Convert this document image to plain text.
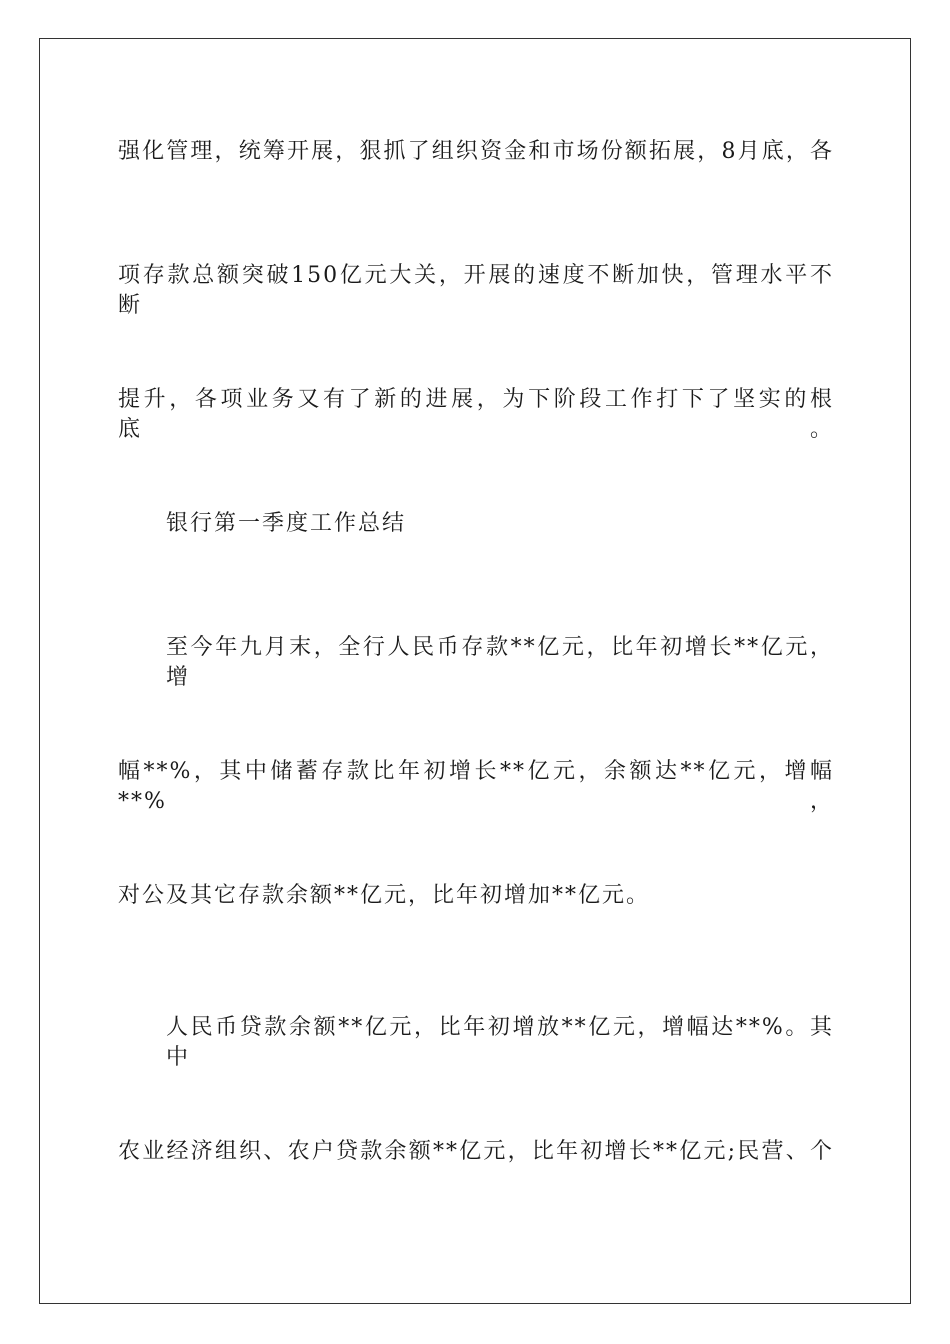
强化管理，统筹开展，狠抓了组织资金和市场份额拓展，8月底，各
项存款总额突破150亿元大关，开展的速度不断加快，管理水平不断
提升，各项业务又有了新的进展，为下阶段工作打下了坚实的根底。
银行第一季度工作总结
至今年九月末，全行人民币存款**亿元，比年初增长**亿元，增
幅**%，其中储蓄存款比年初增长**亿元，余额达**亿元，增幅**%，
对公及其它存款余额**亿元，比年初增加**亿元。
人民币贷款余额**亿元，比年初增放**亿元，增幅达**%。其中
农业经济组织、农户贷款余额**亿元，比年初增长**亿元;民营、个
